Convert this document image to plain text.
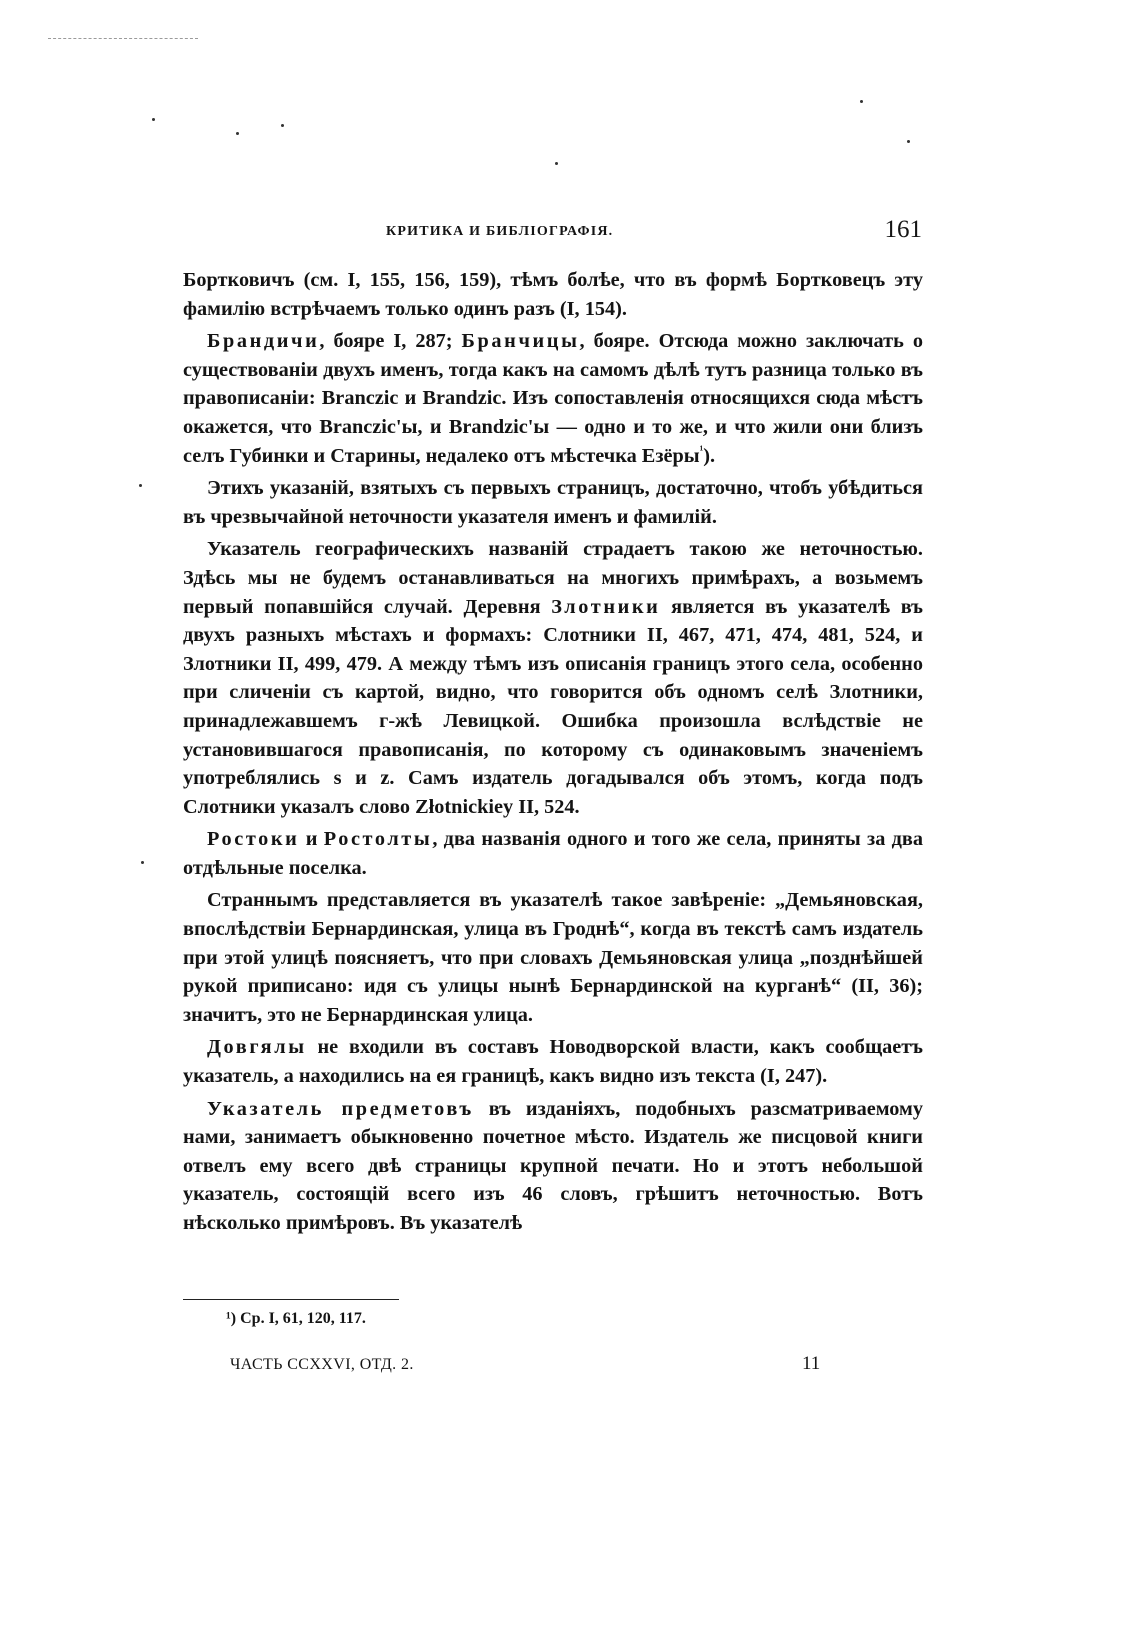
КРИТИКА И БИБЛІОГРАФІЯ.	161

Бортковичъ (см. I, 155, 156, 159), тѣмъ болѣе, что въ формѣ Бортковецъ эту фамилію встрѣчаемъ только одинъ разъ (I, 154).

Брандичи, бояре I, 287; Бранчицы, бояре. Отсюда можно заключать о существованіи двухъ именъ, тогда какъ на самомъ дѣлѣ тутъ разница только въ правописаніи: Branczic и Brandzic. Изъ сопоставленія относящихся сюда мѣстъ окажется, что Branczic'ы, и Brandzic'ы — одно и то же, и что жили они близъ селъ Губинки и Старины, недалеко отъ мѣстечка Езёры$^{^1}$).

Этихъ указаній, взятыхъ съ первыхъ страницъ, достаточно, чтобъ убѣдиться въ чрезвычайной неточности указателя именъ и фамилій.

Указатель географическихъ названій страдаетъ такою же неточностью. Здѣсь мы не будемъ останавливаться на многихъ примѣрахъ, а возьмемъ первый попавшійся случай. Деревня Злотники является въ указателѣ въ двухъ разныхъ мѣстахъ и формахъ: Слотники II, 467, 471, 474, 481, 524, и Злотники II, 499, 479. А между тѣмъ изъ описанія границъ этого села, особенно при сличеніи съ картой, видно, что говорится объ одномъ селѣ Злотники, принадлежавшемъ г-жѣ Левицкой. Ошибка произошла вслѣдствіе не установившагося правописанія, по которому съ одинаковымъ значеніемъ употреблялись s и z. Самъ издатель догадывался объ этомъ, когда подъ Слотники указалъ слово Złotnickiey II, 524.

Ростоки и Ростолты, два названія одного и того же села, приняты за два отдѣльные поселка.

Страннымъ представляется въ указателѣ такое завѣреніе: „Демьяновская, впослѣдствіи Бернардинская, улица въ Гроднѣ“, когда въ текстѣ самъ издатель при этой улицѣ поясняетъ, что при словахъ Демьяновская улица „позднѣйшей рукой приписано: идя съ улицы нынѣ Бернардинской на курганѣ“ (II, 36); значитъ, это не Бернардинская улица.

Довгялы не входили въ составъ Новодворской власти, какъ сообщаетъ указатель, а находились на ея границѣ, какъ видно изъ текста (I, 247).

Указатель предметовъ въ изданіяхъ, подобныхъ разсматриваемому нами, занимаетъ обыкновенно почетное мѣсто. Издатель же писцовой книги отвелъ ему всего двѣ страницы крупной печати. Но и этотъ небольшой указатель, состоящій всего изъ 46 словъ, грѣшитъ неточностью. Вотъ нѣсколько примѣровъ. Въ указателѣ

¹) Ср. I, 61, 120, 117.
ЧАСТЬ CCXXVI, ОТД. 2.	11
